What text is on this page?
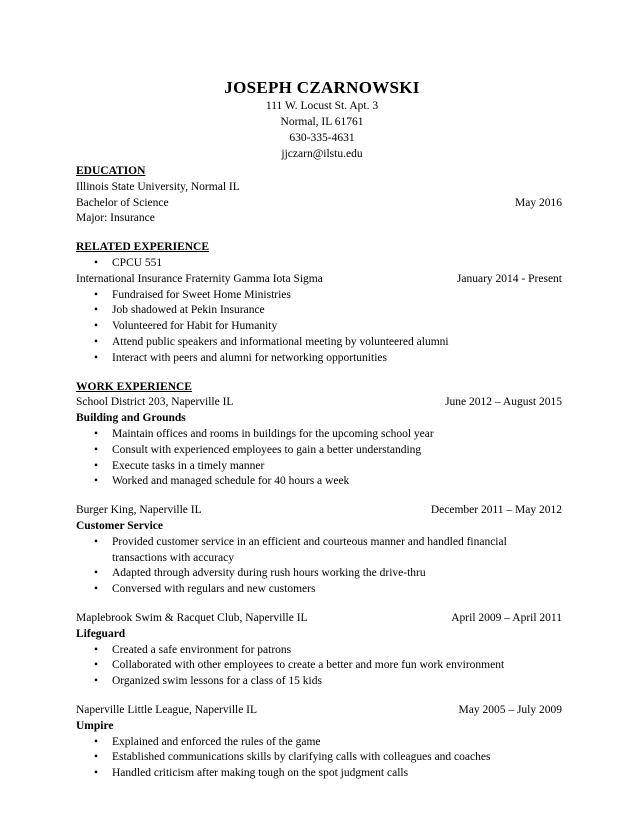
JOSEPH CZARNOWSKI
111 W. Locust St. Apt. 3
Normal, IL 61761
630-335-4631
jjczarn@ilstu.edu
EDUCATION
Illinois State University, Normal IL
Bachelor of Science	May 2016
Major: Insurance
RELATED EXPERIENCE
• CPCU 551
International Insurance Fraternity Gamma Iota Sigma	January 2014 - Present
• Fundraised for Sweet Home Ministries
• Job shadowed at Pekin Insurance
• Volunteered for Habit for Humanity
• Attend public speakers and informational meeting by volunteered alumni
• Interact with peers and alumni for networking opportunities
WORK EXPERIENCE
School District 203, Naperville IL	June 2012 – August 2015
Building and Grounds
• Maintain offices and rooms in buildings for the upcoming school year
• Consult with experienced employees to gain a better understanding
• Execute tasks in a timely manner
• Worked and managed schedule for 40 hours a week
Burger King, Naperville IL	December 2011 – May 2012
Customer Service
• Provided customer service in an efficient and courteous manner and handled financial transactions with accuracy
• Adapted through adversity during rush hours working the drive-thru
• Conversed with regulars and new customers
Maplebrook Swim & Racquet Club, Naperville IL	April 2009 – April 2011
Lifeguard
• Created a safe environment for patrons
• Collaborated with other employees to create a better and more fun work environment
• Organized swim lessons for a class of 15 kids
Naperville Little League, Naperville IL	May 2005 – July 2009
Umpire
• Explained and enforced the rules of the game
• Established communications skills by clarifying calls with colleagues and coaches
• Handled criticism after making tough on the spot judgment calls
